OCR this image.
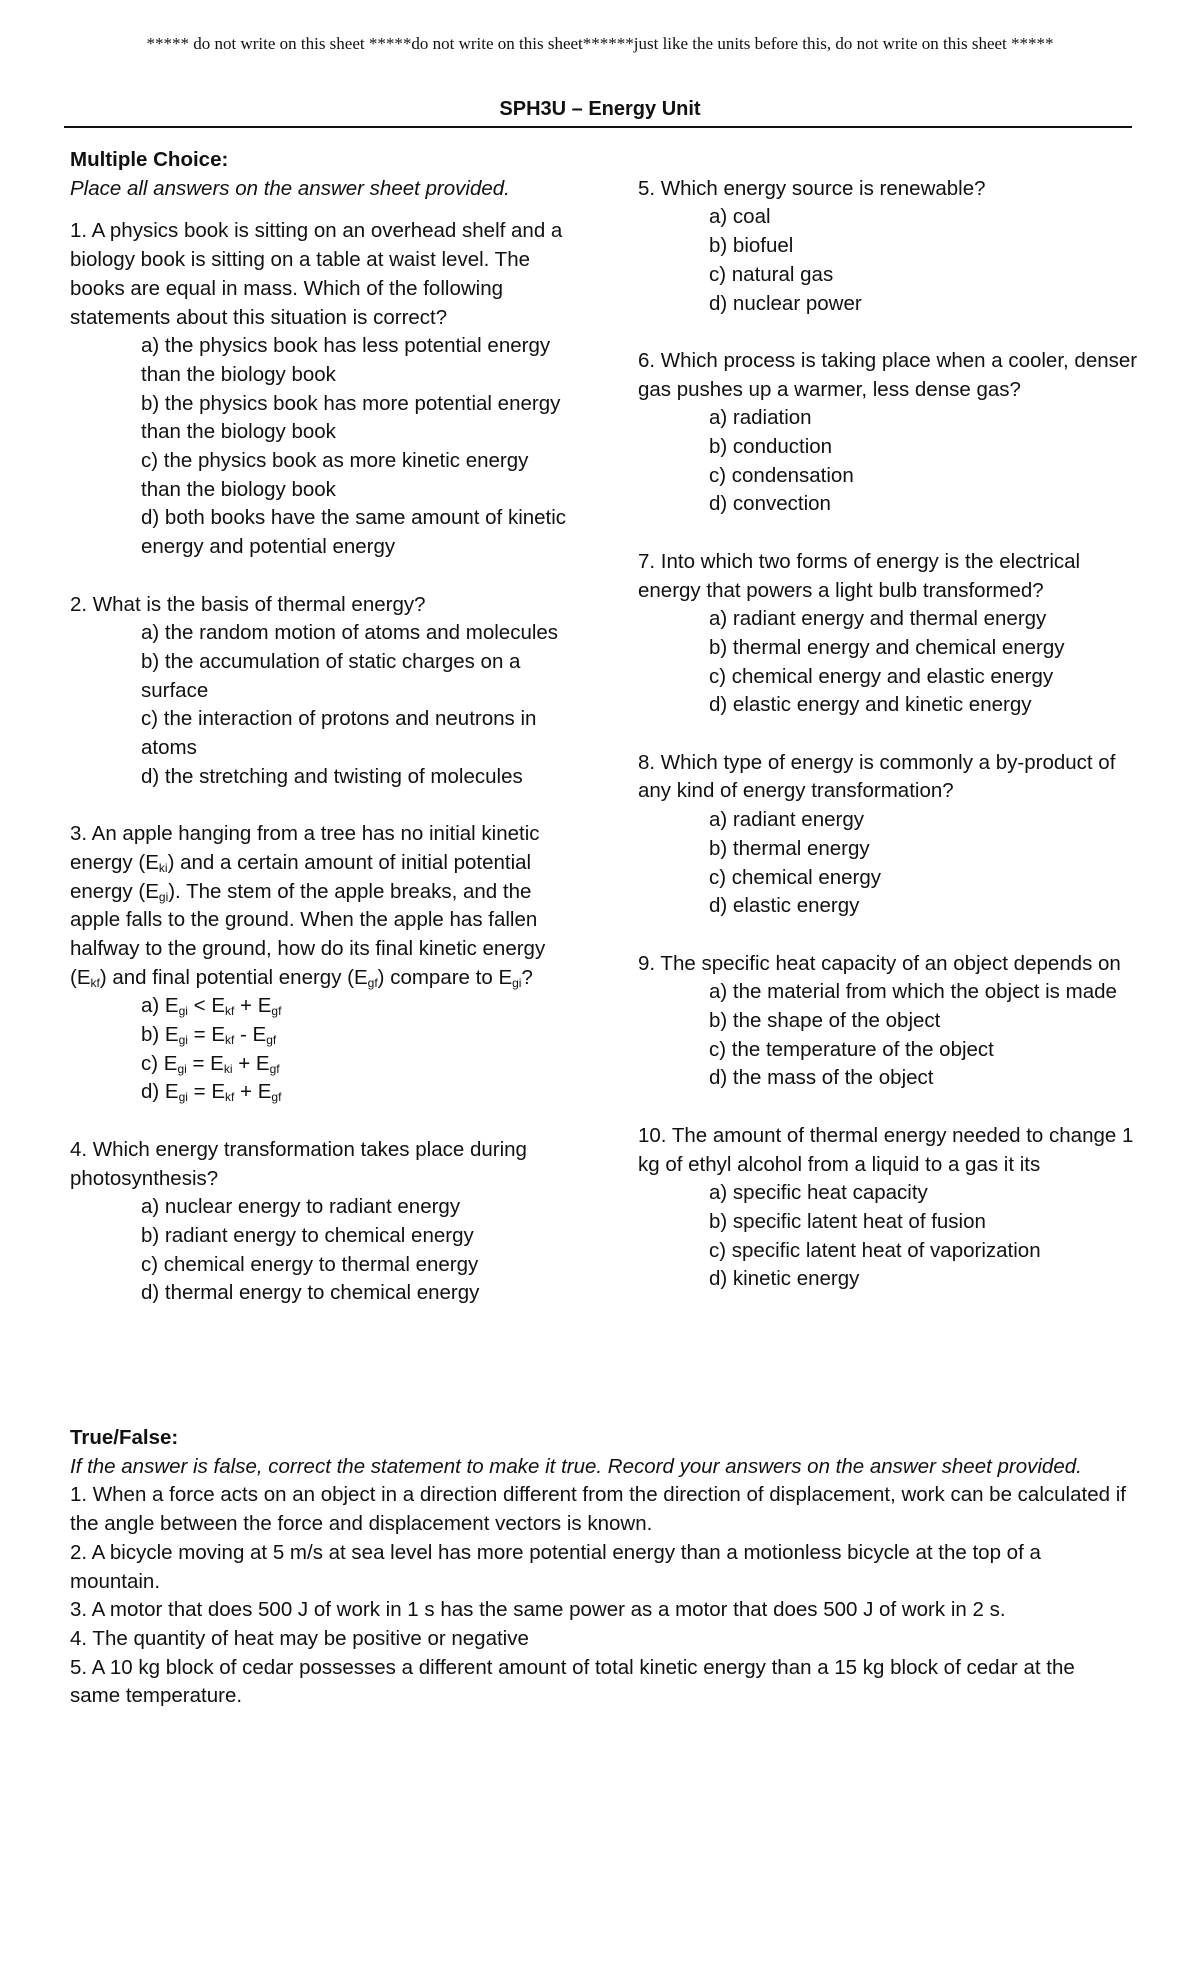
***** do not write on this sheet *****do not write on this sheet******just like the units before this, do not write on this sheet *****
SPH3U – Energy Unit
Multiple Choice:
Place all answers on the answer sheet provided.
1. A physics book is sitting on an overhead shelf and a biology book is sitting on a table at waist level. The books are equal in mass. Which of the following statements about this situation is correct?
a) the physics book has less potential energy than the biology book
b) the physics book has more potential energy than the biology book
c) the physics book as more kinetic energy than the biology book
d) both books have the same amount of kinetic energy and potential energy
2. What is the basis of thermal energy?
a) the random motion of atoms and molecules
b) the accumulation of static charges on a surface
c) the interaction of protons and neutrons in atoms
d) the stretching and twisting of molecules
3. An apple hanging from a tree has no initial kinetic energy $(E_{ki})$ and a certain amount of initial potential energy $(E_{gi})$. The stem of the apple breaks, and the apple falls to the ground. When the apple has fallen halfway to the ground, how do its final kinetic energy $(E_{kf})$ and final potential energy $(E_{gf})$ compare to $E_{gi}$?
a) $E_{gi} < E_{kf} + E_{gf}$
b) $E_{gi} = E_{kf} - E_{gf}$
c) $E_{gi} = E_{ki} + E_{gf}$
d) $E_{gi} = E_{kf} + E_{gf}$
4. Which energy transformation takes place during photosynthesis?
a) nuclear energy to radiant energy
b) radiant energy to chemical energy
c) chemical energy to thermal energy
d) thermal energy to chemical energy
5. Which energy source is renewable?
a) coal
b) biofuel
c) natural gas
d) nuclear power
6. Which process is taking place when a cooler, denser gas pushes up a warmer, less dense gas?
a) radiation
b) conduction
c) condensation
d) convection
7. Into which two forms of energy is the electrical energy that powers a light bulb transformed?
a) radiant energy and thermal energy
b) thermal energy and chemical energy
c) chemical energy and elastic energy
d) elastic energy and kinetic energy
8. Which type of energy is commonly a by-product of any kind of energy transformation?
a) radiant energy
b) thermal energy
c) chemical energy
d) elastic energy
9. The specific heat capacity of an object depends on
a) the material from which the object is made
b) the shape of the object
c) the temperature of the object
d) the mass of the object
10. The amount of thermal energy needed to change 1 kg of ethyl alcohol from a liquid to a gas it its
a) specific heat capacity
b) specific latent heat of fusion
c) specific latent heat of vaporization
d) kinetic energy
True/False:
If the answer is false, correct the statement to make it true. Record your answers on the answer sheet provided.
1. When a force acts on an object in a direction different from the direction of displacement, work can be calculated if the angle between the force and displacement vectors is known.
2. A bicycle moving at 5 m/s at sea level has more potential energy than a motionless bicycle at the top of a mountain.
3. A motor that does 500 J of work in 1 s has the same power as a motor that does 500 J of work in 2 s.
4. The quantity of heat may be positive or negative
5. A 10 kg block of cedar possesses a different amount of total kinetic energy than a 15 kg block of cedar at the same temperature.
